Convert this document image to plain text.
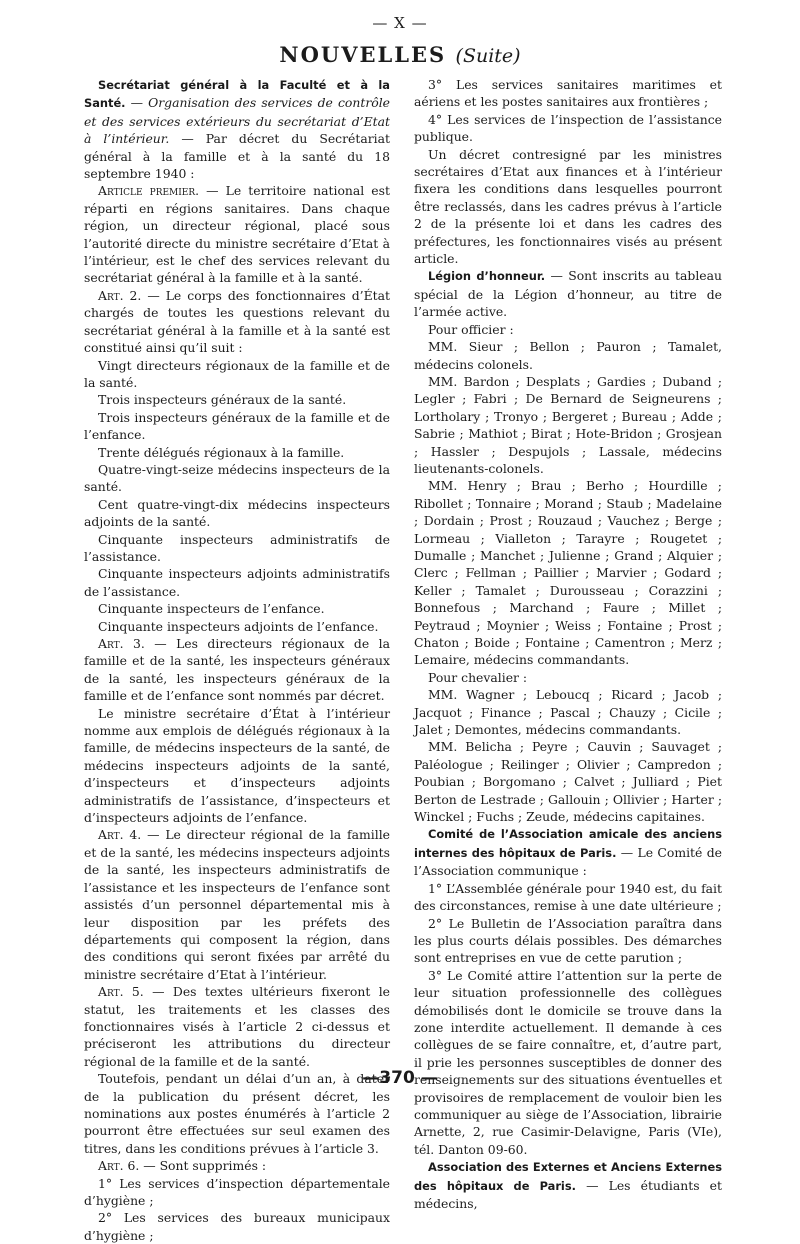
— X —
NOUVELLES (Suite)

Secrétariat général à la Faculté et à la Santé. — Organisation des services de contrôle et des services extérieurs du secrétariat d’Etat à l’intérieur. — Par décret du Secrétariat général à la famille et à la santé du 18 septembre 1940 :

Article premier. — Le territoire national est réparti en régions sanitaires. Dans chaque région, un directeur régional, placé sous l’autorité directe du ministre secrétaire d’Etat à l’intérieur, est le chef des services relevant du secrétariat général à la famille et à la santé.

Art. 2. — Le corps des fonctionnaires d’État chargés de toutes les questions relevant du secrétariat général à la famille et à la santé est constitué ainsi qu’il suit :

Vingt directeurs régionaux de la famille et de la santé.

Trois inspecteurs généraux de la santé.

Trois inspecteurs généraux de la famille et de l’enfance.

Trente délégués régionaux à la famille.

Quatre-vingt-seize médecins inspecteurs de la santé.

Cent quatre-vingt-dix médecins inspecteurs adjoints de la santé.

Cinquante inspecteurs administratifs de l’assistance.

Cinquante inspecteurs adjoints administratifs de l’assistance.

Cinquante inspecteurs de l’enfance.

Cinquante inspecteurs adjoints de l’enfance.

Art. 3. — Les directeurs régionaux de la famille et de la santé, les inspecteurs généraux de la santé, les inspecteurs généraux de la famille et de l’enfance sont nommés par décret.

Le ministre secrétaire d’État à l’intérieur nomme aux emplois de délégués régionaux à la famille, de médecins inspecteurs de la santé, de médecins inspecteurs adjoints de la santé, d’inspecteurs et d’inspecteurs adjoints administratifs de l’assistance, d’inspecteurs et d’inspecteurs adjoints de l’enfance.

Art. 4. — Le directeur régional de la famille et de la santé, les médecins inspecteurs adjoints de la santé, les inspecteurs administratifs de l’assistance et les inspecteurs de l’enfance sont assistés d’un personnel départemental mis à leur disposition par les préfets des départements qui composent la région, dans des conditions qui seront fixées par arrêté du ministre secrétaire d’Etat à l’intérieur.

Art. 5. — Des textes ultérieurs fixeront le statut, les traitements et les classes des fonctionnaires visés à l’article 2 ci-dessus et préciseront les attributions du directeur régional de la famille et de la santé.

Toutefois, pendant un délai d’un an, à dater de la publication du présent décret, les nominations aux postes énumérés à l’article 2 pourront être effectuées sur seul examen des titres, dans les conditions prévues à l’article 3.

Art. 6. — Sont supprimés :

1° Les services d’inspection départementale d’hygiène ;

2° Les services des bureaux municipaux d’hygiène ;

3° Les services sanitaires maritimes et aériens et les postes sanitaires aux frontières ;

4° Les services de l’inspection de l’assistance publique.

Un décret contresigné par les ministres secrétaires d’Etat aux finances et à l’intérieur fixera les conditions dans lesquelles pourront être reclassés, dans les cadres prévus à l’article 2 de la présente loi et dans les cadres des préfectures, les fonctionnaires visés au présent article.

Légion d’honneur. — Sont inscrits au tableau spécial de la Légion d’honneur, au titre de l’armée active.

Pour officier :

MM. Sieur ; Bellon ; Pauron ; Tamalet, médecins colonels.

MM. Bardon ; Desplats ; Gardies ; Duband ; Legler ; Fabri ; De Bernard de Seigneurens ; Lortholary ; Tronyo ; Bergeret ; Bureau ; Adde ; Sabrie ; Mathiot ; Birat ; Hote-Bridon ; Grosjean ; Hassler ; Despujols ; Lassale, médecins lieutenants-colonels.

MM. Henry ; Brau ; Berho ; Hourdille ; Ribollet ; Tonnaire ; Morand ; Staub ; Madelaine ; Dordain ; Prost ; Rouzaud ; Vauchez ; Berge ; Lormeau ; Vialleton ; Tarayre ; Rougetet ; Dumalle ; Manchet ; Julienne ; Grand ; Alquier ; Clerc ; Fellman ; Paillier ; Marvier ; Godard ; Keller ; Tamalet ; Durousseau ; Corazzini ; Bonnefous ; Marchand ; Faure ; Millet ; Peytraud ; Moynier ; Weiss ; Fontaine ; Prost ; Chaton ; Boide ; Fontaine ; Camentron ; Merz ; Lemaire, médecins commandants.

Pour chevalier :

MM. Wagner ; Leboucq ; Ricard ; Jacob ; Jacquot ; Finance ; Pascal ; Chauzy ; Cicile ; Jalet ; Demontes, médecins commandants.

MM. Belicha ; Peyre ; Cauvin ; Sauvaget ; Paléologue ; Reilinger ; Olivier ; Campredon ; Poubian ; Borgomano ; Calvet ; Julliard ; Piet Berton de Lestrade ; Gallouin ; Ollivier ; Harter ; Winckel ; Fuchs ; Zeude, médecins capitaines.

Comité de l’Association amicale des anciens internes des hôpitaux de Paris. — Le Comité de l’Association communique :

1° L’Assemblée générale pour 1940 est, du fait des circonstances, remise à une date ultérieure ;

2° Le Bulletin de l’Association paraîtra dans les plus courts délais possibles. Des démarches sont entreprises en vue de cette parution ;

3° Le Comité attire l’attention sur la perte de leur situation professionnelle des collègues démobilisés dont le domicile se trouve dans la zone interdite actuellement. Il demande à ces collègues de se faire connaître, et, d’autre part, il prie les personnes susceptibles de donner des renseignements sur des situations éventuelles et provisoires de remplacement de vouloir bien les communiquer au siège de l’Association, librairie Arnette, 2, rue Casimir-Delavigne, Paris (VIe), tél. Danton 09-60.

Association des Externes et Anciens Externes des hôpitaux de Paris. — Les étudiants et médecins,

—370 —
